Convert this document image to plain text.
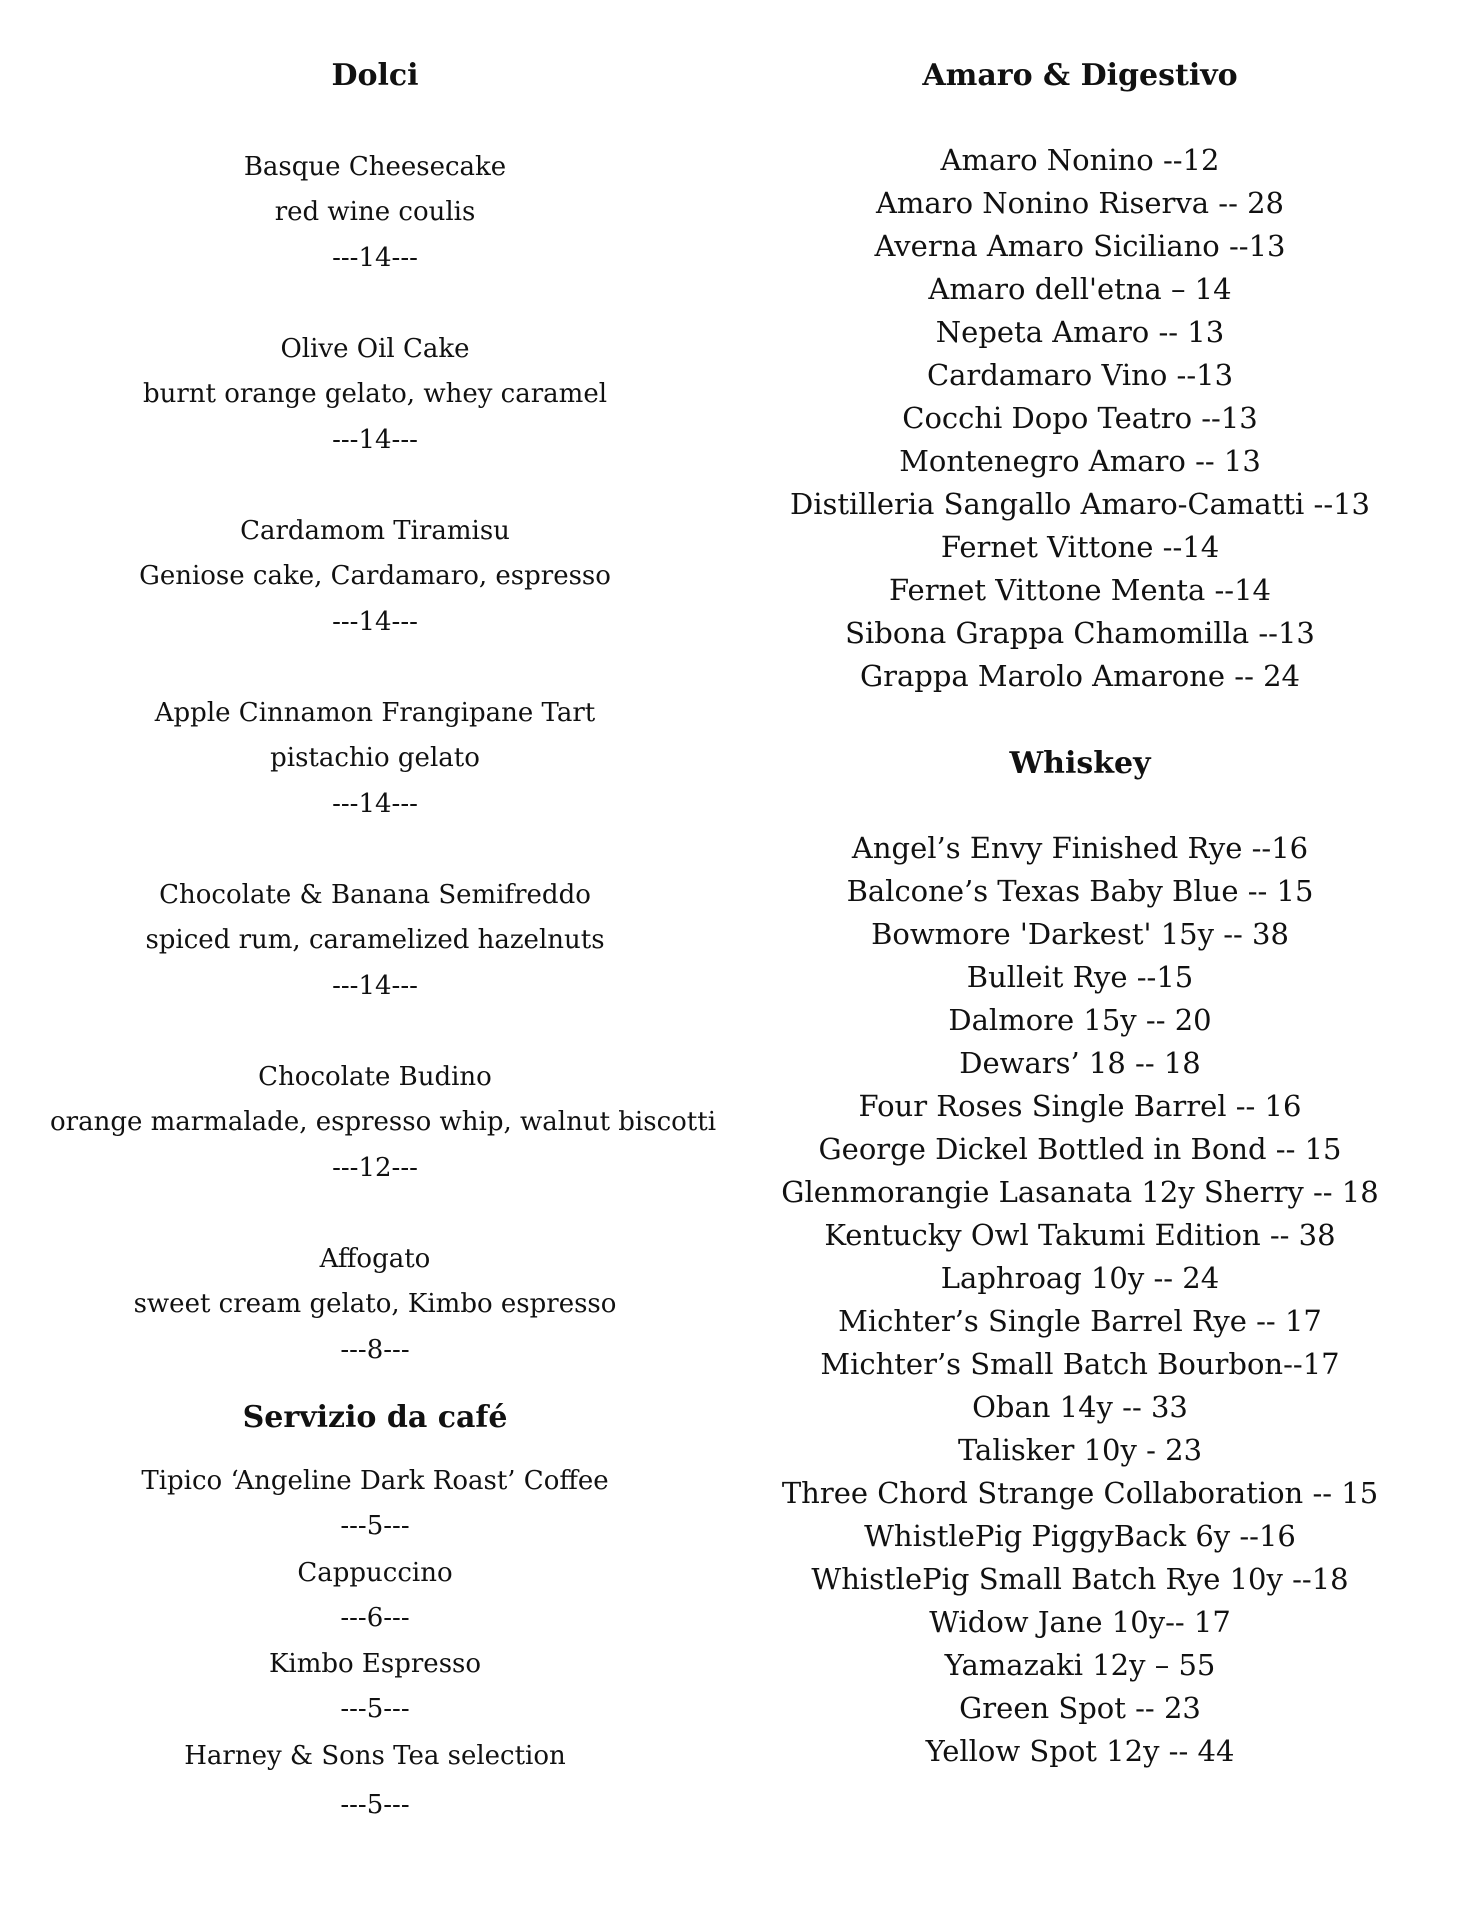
Dolci
Basque Cheesecake
red wine coulis
---14---
Olive Oil Cake
burnt orange gelato, whey caramel
---14---
Cardamom Tiramisu
Geniose cake, Cardamaro, espresso
---14---
Apple Cinnamon Frangipane Tart
pistachio gelato
---14---
Chocolate & Banana Semifreddo
spiced rum, caramelized hazelnuts
---14---
Chocolate Budino
orange marmalade, espresso whip, walnut biscotti
---12---
Affogato
sweet cream gelato, Kimbo espresso
---8---
Servizio da café
Tipico ‘Angeline Dark Roast’ Coffee
---5---
Cappuccino
---6---
Kimbo Espresso
---5---
Harney & Sons Tea selection
---5---
Amaro & Digestivo
Amaro Nonino --12
Amaro Nonino Riserva -- 28
Averna Amaro Siciliano --13
Amaro dell'etna – 14
Nepeta Amaro -- 13
Cardamaro Vino --13
Cocchi Dopo Teatro --13
Montenegro Amaro -- 13
Distilleria Sangallo Amaro-Camatti --13
Fernet Vittone --14
Fernet Vittone Menta --14
Sibona Grappa Chamomilla --13
Grappa Marolo Amarone -- 24
Whiskey
Angel’s Envy Finished Rye --16
Balcone’s Texas Baby Blue -- 15
Bowmore 'Darkest' 15y -- 38
Bulleit Rye --15
Dalmore 15y -- 20
Dewars’ 18 -- 18
Four Roses Single Barrel -- 16
George Dickel Bottled in Bond -- 15
Glenmorangie Lasanata 12y Sherry -- 18
Kentucky Owl Takumi Edition -- 38
Laphroag 10y -- 24
Michter’s Single Barrel Rye -- 17
Michter’s Small Batch Bourbon--17
Oban 14y -- 33
Talisker 10y - 23
Three Chord Strange Collaboration -- 15
WhistlePig PiggyBack 6y --16
WhistlePig Small Batch Rye 10y --18
Widow Jane 10y-- 17
Yamazaki 12y – 55
Green Spot -- 23
Yellow Spot 12y -- 44
